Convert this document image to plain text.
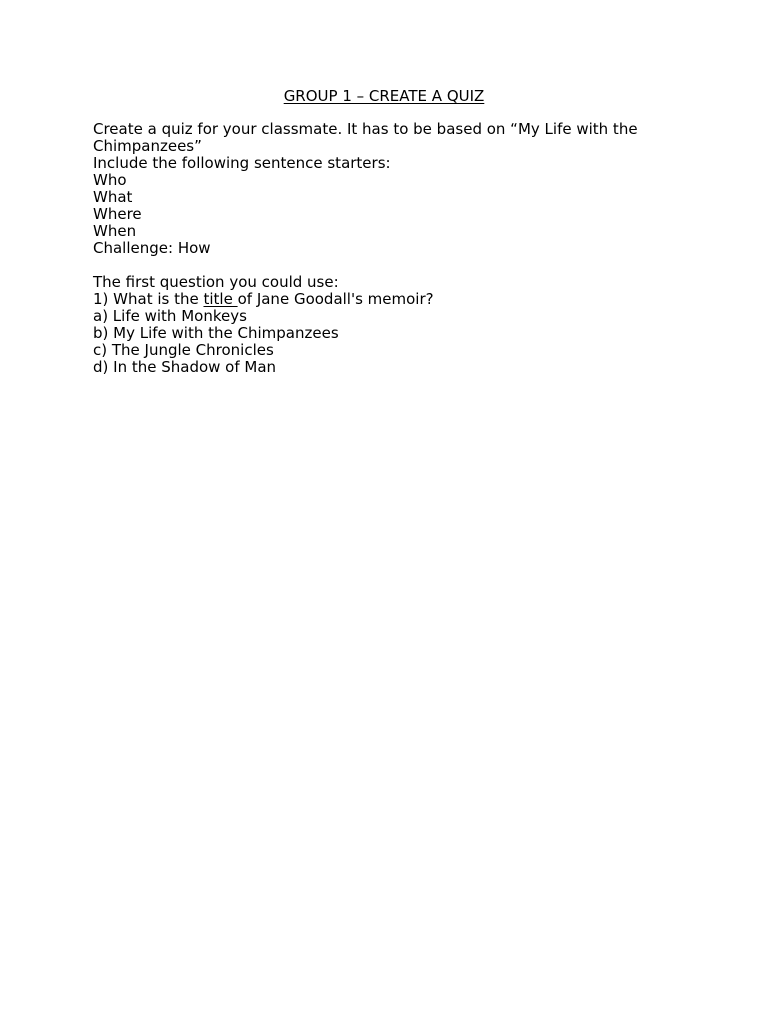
GROUP 1 – CREATE A QUIZ
Create a quiz for your classmate. It has to be based on “My Life with the
Chimpanzees”
Include the following sentence starters:
Who
What
Where
When
Challenge: How
The first question you could use:
1) What is the title of Jane Goodall's memoir?
a) Life with Monkeys
b) My Life with the Chimpanzees
c) The Jungle Chronicles
d) In the Shadow of Man
